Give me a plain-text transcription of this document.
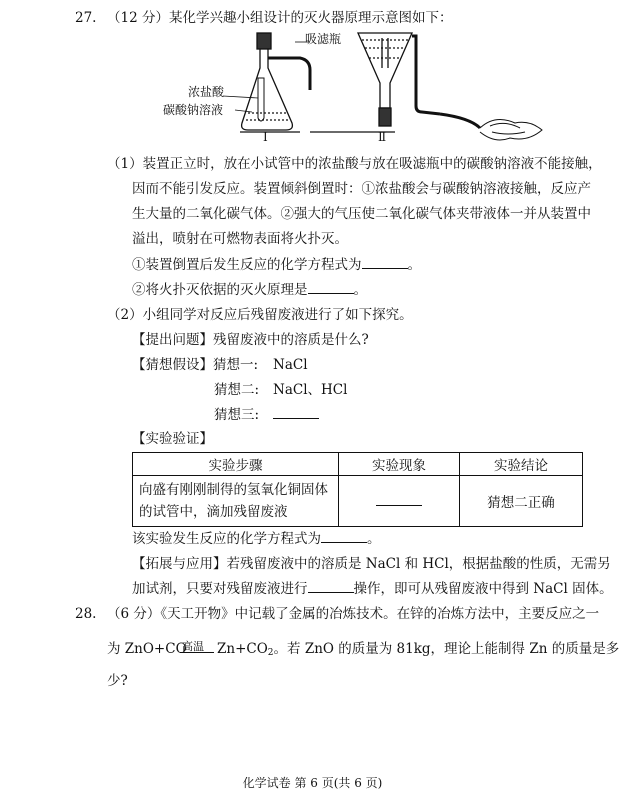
27. （12 分）某化学兴趣小组设计的灭火器原理示意图如下：
吸滤瓶
浓盐酸
碳酸钠溶液
Ⅰ	Ⅱ
（1）装置正立时，放在小试管中的浓盐酸与放在吸滤瓶中的碳酸钠溶液不能接触，
因而不能引发反应。装置倾斜倒置时：①浓盐酸会与碳酸钠溶液接触，反应产
生大量的二氧化碳气体。②强大的气压使二氧化碳气体夹带液体一并从装置中
溢出，喷射在可燃物表面将火扑灭。
①装置倒置后发生反应的化学方程式为	。
②将火扑灭依据的灭火原理是	。
（2）小组同学对反应后残留废液进行了如下探究。
【提出问题】残留废液中的溶质是什么?
【猜想假设】猜想一: NaCl
猜想二: NaCl、HCl
猜想三:
【实验验证】
实验步骤	实验现象	实验结论

向盛有刚刚制得的氢氧化铜固体
的试管中，滴加残留废液		猜想二正确
该实验发生反应的化学方程式为	。
【拓展与应用】若残留废液中的溶质是 NaCl 和 HCl，根据盐酸的性质，无需另
加试剂，只要对残留废液进行	操作，即可从残留废液中得到 NaCl 固体。
28. （6 分）《天工开物》中记载了金属的冶炼技术。在锌的冶炼方法中，主要反应之一
为 ZnO+CO
高温 $Zn+CO_2$。若 ZnO 的质量为 81kg，理论上能制得 Zn 的质量是多
少?
化学试卷 第 6 页(共 6 页)
